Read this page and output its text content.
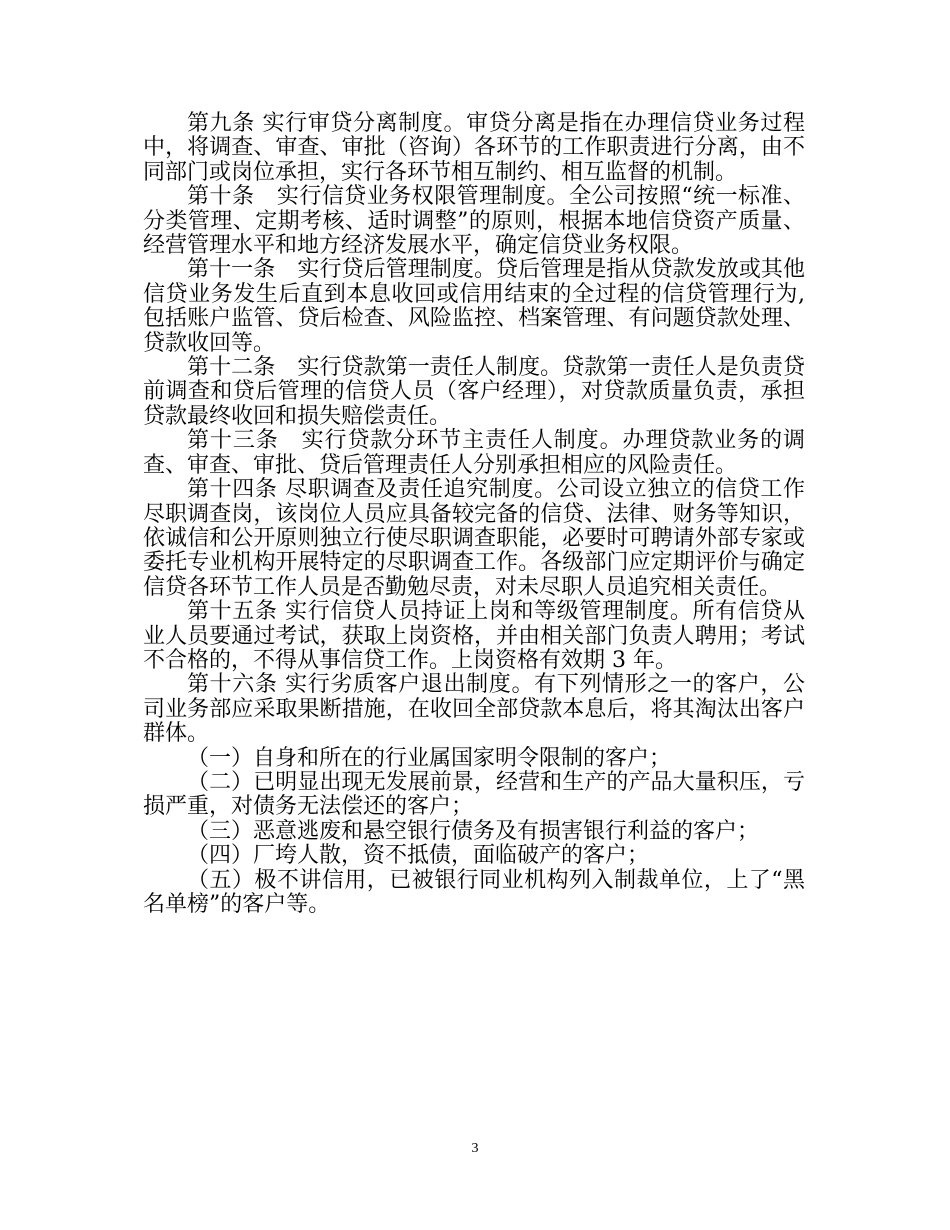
第九条 实行审贷分离制度。审贷分离是指在办理信贷业务过程中，将调查、审查、审批（咨询）各环节的工作职责进行分离，由不同部门或岗位承担，实行各环节相互制约、相互监督的机制。

第十条　实行信贷业务权限管理制度。全公司按照“统一标准、分类管理、定期考核、适时调整”的原则，根据本地信贷资产质量、经营管理水平和地方经济发展水平，确定信贷业务权限。

第十一条　实行贷后管理制度。贷后管理是指从贷款发放或其他信贷业务发生后直到本息收回或信用结束的全过程的信贷管理行为,包括账户监管、贷后检查、风险监控、档案管理、有问题贷款处理、贷款收回等。

第十二条　实行贷款第一责任人制度。贷款第一责任人是负责贷前调查和贷后管理的信贷人员（客户经理），对贷款质量负责，承担贷款最终收回和损失赔偿责任。

第十三条　实行贷款分环节主责任人制度。办理贷款业务的调查、审查、审批、贷后管理责任人分别承担相应的风险责任。

第十四条 尽职调查及责任追究制度。公司设立独立的信贷工作尽职调查岗，该岗位人员应具备较完备的信贷、法律、财务等知识，依诚信和公开原则独立行使尽职调查职能，必要时可聘请外部专家或委托专业机构开展特定的尽职调查工作。各级部门应定期评价与确定信贷各环节工作人员是否勤勉尽责，对未尽职人员追究相关责任。

第十五条 实行信贷人员持证上岗和等级管理制度。所有信贷从业人员要通过考试，获取上岗资格，并由相关部门负责人聘用；考试不合格的，不得从事信贷工作。上岗资格有效期 3 年。

第十六条 实行劣质客户退出制度。有下列情形之一的客户，公司业务部应采取果断措施，在收回全部贷款本息后，将其淘汰出客户群体。

（一）自身和所在的行业属国家明令限制的客户；

（二）已明显出现无发展前景，经营和生产的产品大量积压，亏损严重，对债务无法偿还的客户；

（三）恶意逃废和悬空银行债务及有损害银行利益的客户；

（四）厂垮人散，资不抵债，面临破产的客户；

（五）极不讲信用，已被银行同业机构列入制裁单位，上了“黑名单榜”的客户等。

3
